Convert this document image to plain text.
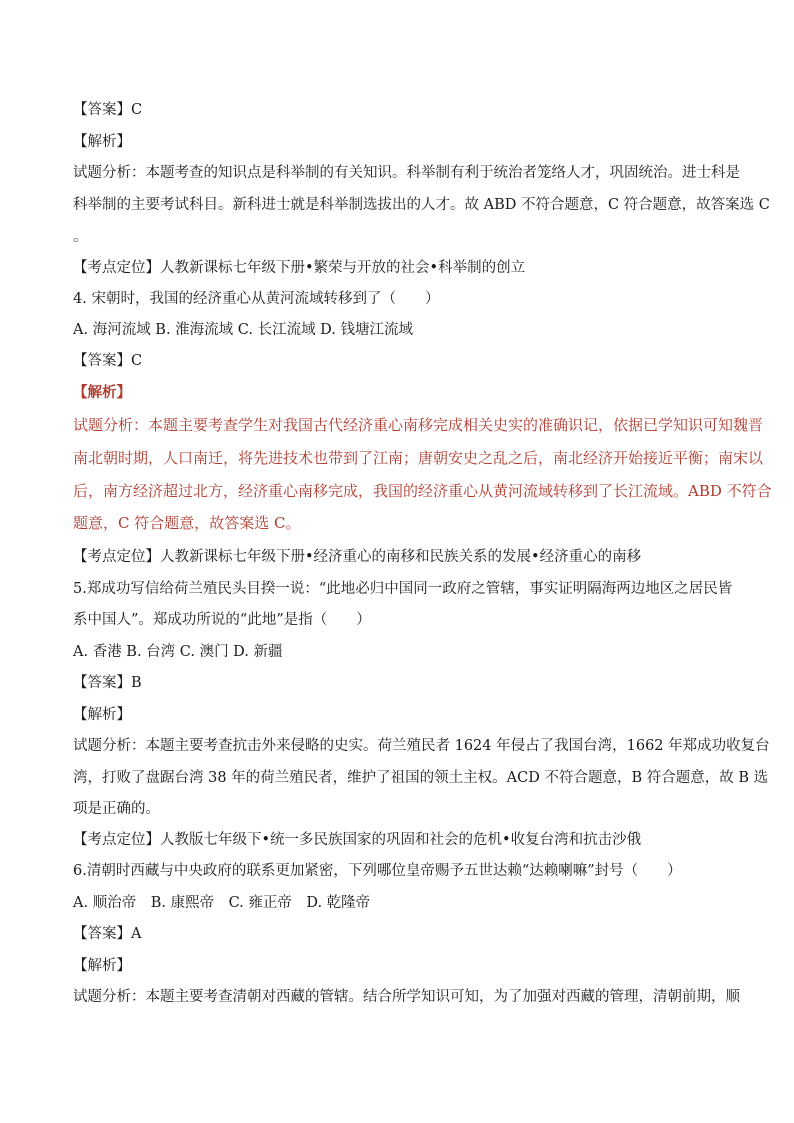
【答案】C
【解析】
试题分析：本题考查的知识点是科举制的有关知识。科举制有利于统治者笼络人才，巩固统治。进士科是
科举制的主要考试科目。新科进士就是科举制选拔出的人才。故 ABD 不符合题意，C 符合题意，故答案选 C
。
【考点定位】人教新课标七年级下册•繁荣与开放的社会•科举制的创立
4. 宋朝时，我国的经济重心从黄河流域转移到了（　　）
A. 海河流域 B. 淮海流域 C. 长江流域 D. 钱塘江流域
【答案】C
【解析】
试题分析：本题主要考查学生对我国古代经济重心南移完成相关史实的准确识记，依据已学知识可知魏晋
南北朝时期，人口南迁，将先进技术也带到了江南；唐朝安史之乱之后，南北经济开始接近平衡；南宋以
后，南方经济超过北方，经济重心南移完成，我国的经济重心从黄河流域转移到了长江流域。ABD 不符合
题意，C 符合题意，故答案选 C。
【考点定位】人教新课标七年级下册•经济重心的南移和民族关系的发展•经济重心的南移
5.郑成功写信给荷兰殖民头目揆一说：“此地必归中国同一政府之管辖，事实证明隔海两边地区之居民皆
系中国人”。郑成功所说的“此地”是指（　　）
A. 香港 B. 台湾 C. 澳门 D. 新疆
【答案】B
【解析】
试题分析：本题主要考查抗击外来侵略的史实。荷兰殖民者 1624 年侵占了我国台湾，1662 年郑成功收复台
湾，打败了盘踞台湾 38 年的荷兰殖民者，维护了祖国的领土主权。ACD 不符合题意，B 符合题意，故 B 选
项是正确的。
【考点定位】人教版七年级下•统一多民族国家的巩固和社会的危机•收复台湾和抗击沙俄
6.清朝时西藏与中央政府的联系更加紧密，下列哪位皇帝赐予五世达赖“达赖喇嘛”封号（　　）
A. 顺治帝　B. 康熙帝　C. 雍正帝　D. 乾隆帝
【答案】A
【解析】
试题分析：本题主要考查清朝对西藏的管辖。结合所学知识可知，为了加强对西藏的管理，清朝前期，顺
